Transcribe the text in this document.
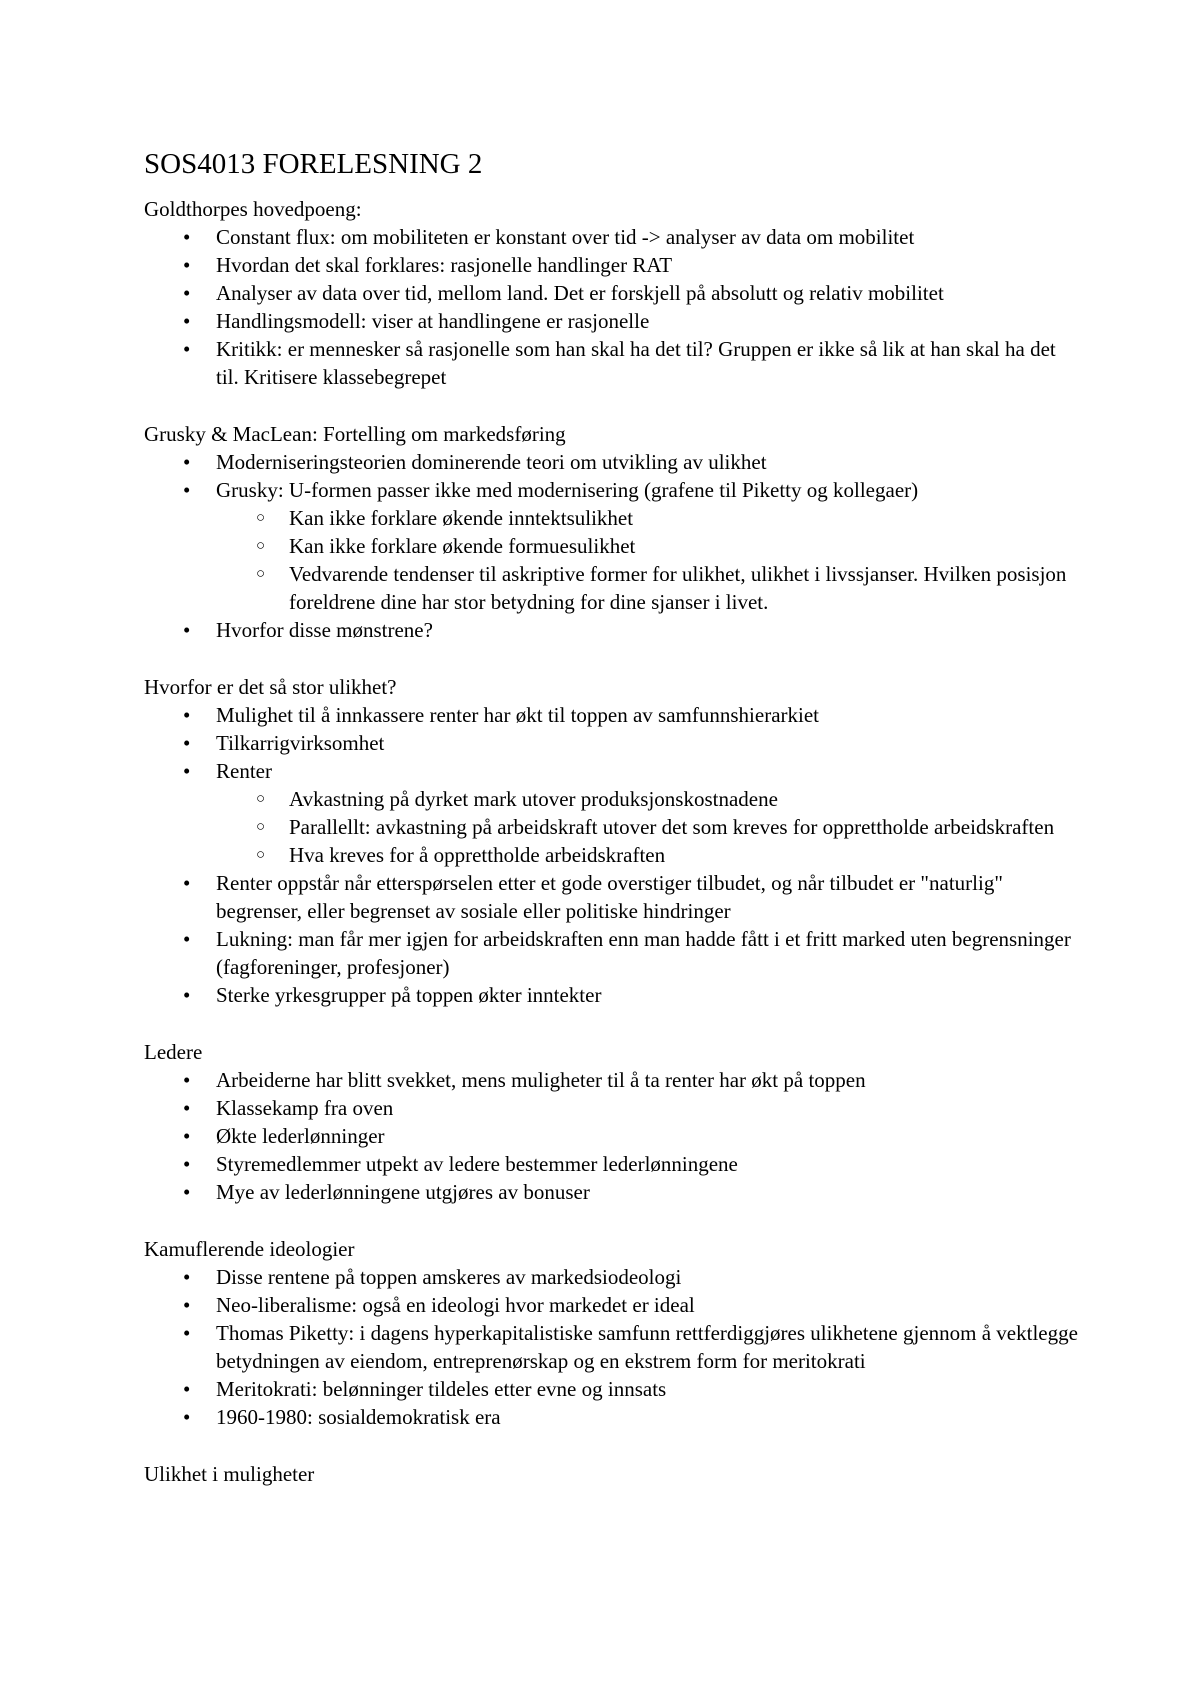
SOS4013 FORELESNING 2

Goldthorpes hovedpoeng:

• Constant flux: om mobiliteten er konstant over tid -> analyser av data om mobilitet
• Hvordan det skal forklares: rasjonelle handlinger RAT
• Analyser av data over tid, mellom land. Det er forskjell på absolutt og relativ mobilitet
• Handlingsmodell: viser at handlingene er rasjonelle
• Kritikk: er mennesker så rasjonelle som han skal ha det til? Gruppen er ikke så lik at han skal ha det til. Kritisere klassebegrepet

Grusky & MacLean: Fortelling om markedsføring

• Moderniseringsteorien dominerende teori om utvikling av ulikhet
• Grusky: U-formen passer ikke med modernisering (grafene til Piketty og kollegaer)
○ Kan ikke forklare økende inntektsulikhet
○ Kan ikke forklare økende formuesulikhet
○ Vedvarende tendenser til askriptive former for ulikhet, ulikhet i livssjanser. Hvilken posisjon foreldrene dine har stor betydning for dine sjanser i livet.
• Hvorfor disse mønstrene?

Hvorfor er det så stor ulikhet?

• Mulighet til å innkassere renter har økt til toppen av samfunnshierarkiet
• Tilkarrigvirksomhet
• Renter
○ Avkastning på dyrket mark utover produksjonskostnadene
○ Parallellt: avkastning på arbeidskraft utover det som kreves for opprettholde arbeidskraften
○ Hva kreves for å opprettholde arbeidskraften
• Renter oppstår når etterspørselen etter et gode overstiger tilbudet, og når tilbudet er "naturlig" begrenser, eller begrenset av sosiale eller politiske hindringer
• Lukning: man får mer igjen for arbeidskraften enn man hadde fått i et fritt marked uten begrensninger (fagforeninger, profesjoner)
• Sterke yrkesgrupper på toppen økter inntekter

Ledere

• Arbeiderne har blitt svekket, mens muligheter til å ta renter har økt på toppen
• Klassekamp fra oven
• Økte lederlønninger
• Styremedlemmer utpekt av ledere bestemmer lederlønningene
• Mye av lederlønningene utgjøres av bonuser

Kamuflerende ideologier

• Disse rentene på toppen amskeres av markedsiodeologi
• Neo-liberalisme: også en ideologi hvor markedet er ideal
• Thomas Piketty: i dagens hyperkapitalistiske samfunn rettferdiggjøres ulikhetene gjennom å vektlegge betydningen av eiendom, entreprenørskap og en ekstrem form for meritokrati
• Meritokrati: belønninger tildeles etter evne og innsats
• 1960-1980: sosialdemokratisk era

Ulikhet i muligheter
